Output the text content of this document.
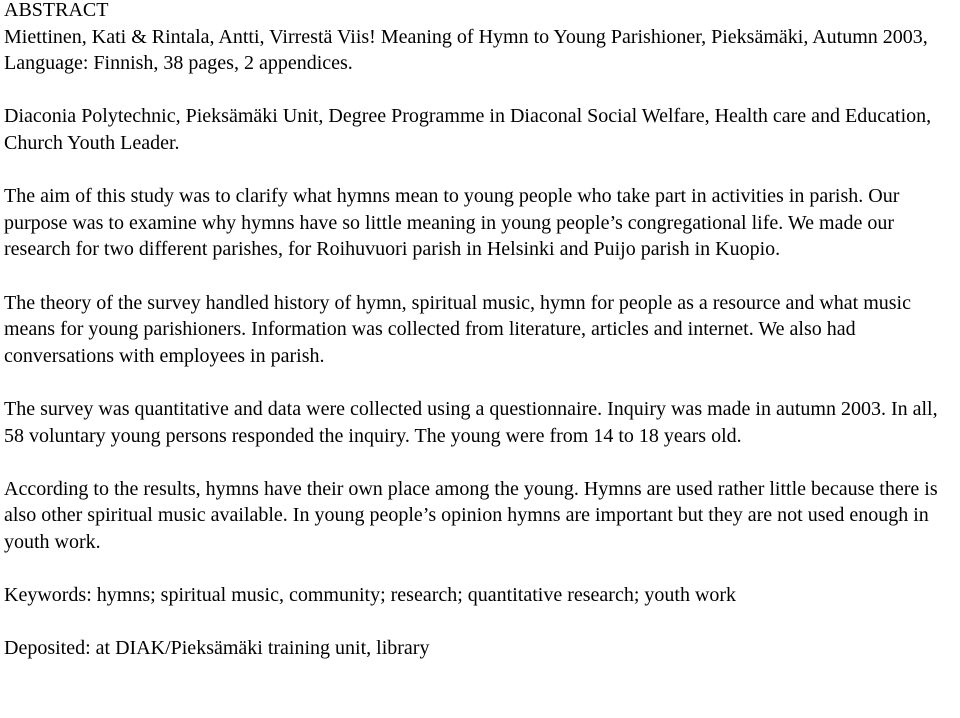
ABSTRACT

Miettinen, Kati & Rintala, Antti, Virrestä Viis! Meaning of Hymn to Young Parishioner, Pieksämäki, Autumn 2003, Language: Finnish, 38 pages, 2 appendices.

Diaconia Polytechnic, Pieksämäki Unit, Degree Programme in Diaconal Social Welfare, Health care and Education, Church Youth Leader.

The aim of this study was to clarify what hymns mean to young people who take part in activities in parish. Our purpose was to examine why hymns have so little meaning in young people’s congregational life. We made our research for two different parishes, for Roihuvuori parish in Helsinki and Puijo parish in Kuopio.

The theory of the survey handled history of hymn, spiritual music, hymn for people as a resource and what music means for young parishioners. Information was collected from literature, articles and internet. We also had conversations with employees in parish.

The survey was quantitative and data were collected using a questionnaire. Inquiry was made in autumn 2003. In all, 58 voluntary young persons responded the inquiry. The young were from 14 to 18 years old.

According to the results, hymns have their own place among the young. Hymns are used rather little because there is also other spiritual music available. In young people’s opinion hymns are important but they are not used enough in youth work.

Keywords: hymns; spiritual music, community; research; quantitative research; youth work

Deposited: at DIAK/Pieksämäki training unit, library
